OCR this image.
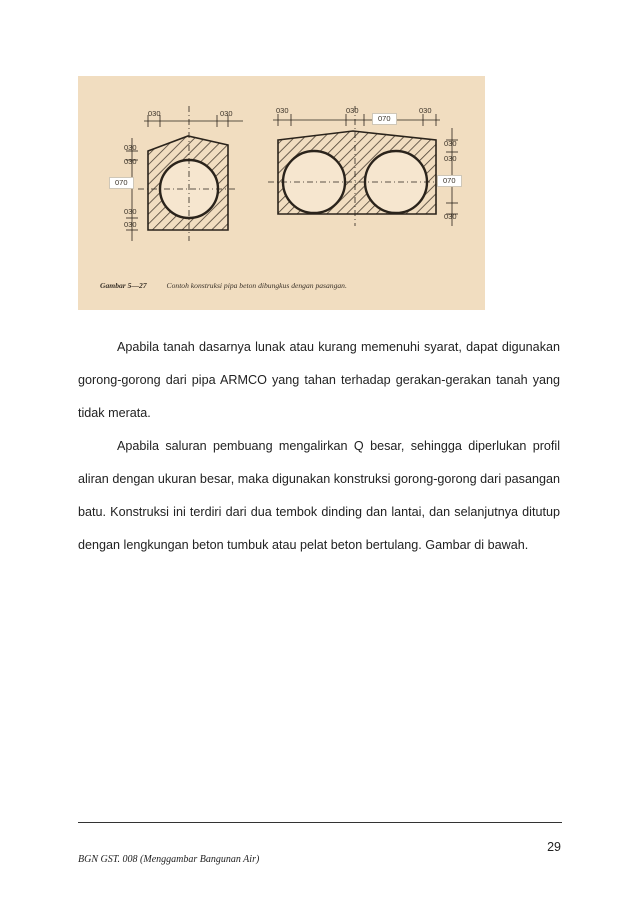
030	030
030
030
030
030
070
030	030	030
030
030
030
070
070
Gambar 5—27	Contoh konstruksi pipa beton dibungkus dengan pasangan.

Apabila tanah dasarnya lunak atau kurang memenuhi syarat, dapat digunakan gorong-gorong dari pipa ARMCO yang tahan terhadap gerakan-gerakan tanah yang tidak merata.

Apabila saluran pembuang mengalirkan Q besar, sehingga diperlukan profil aliran dengan ukuran besar, maka digunakan konstruksi gorong-gorong dari pasangan batu. Konstruksi ini terdiri dari dua tembok dinding dan lantai, dan selanjutnya ditutup dengan lengkungan beton tumbuk atau pelat beton bertulang. Gambar di bawah.

29
BGN GST. 008 (Menggambar Bangunan Air)
